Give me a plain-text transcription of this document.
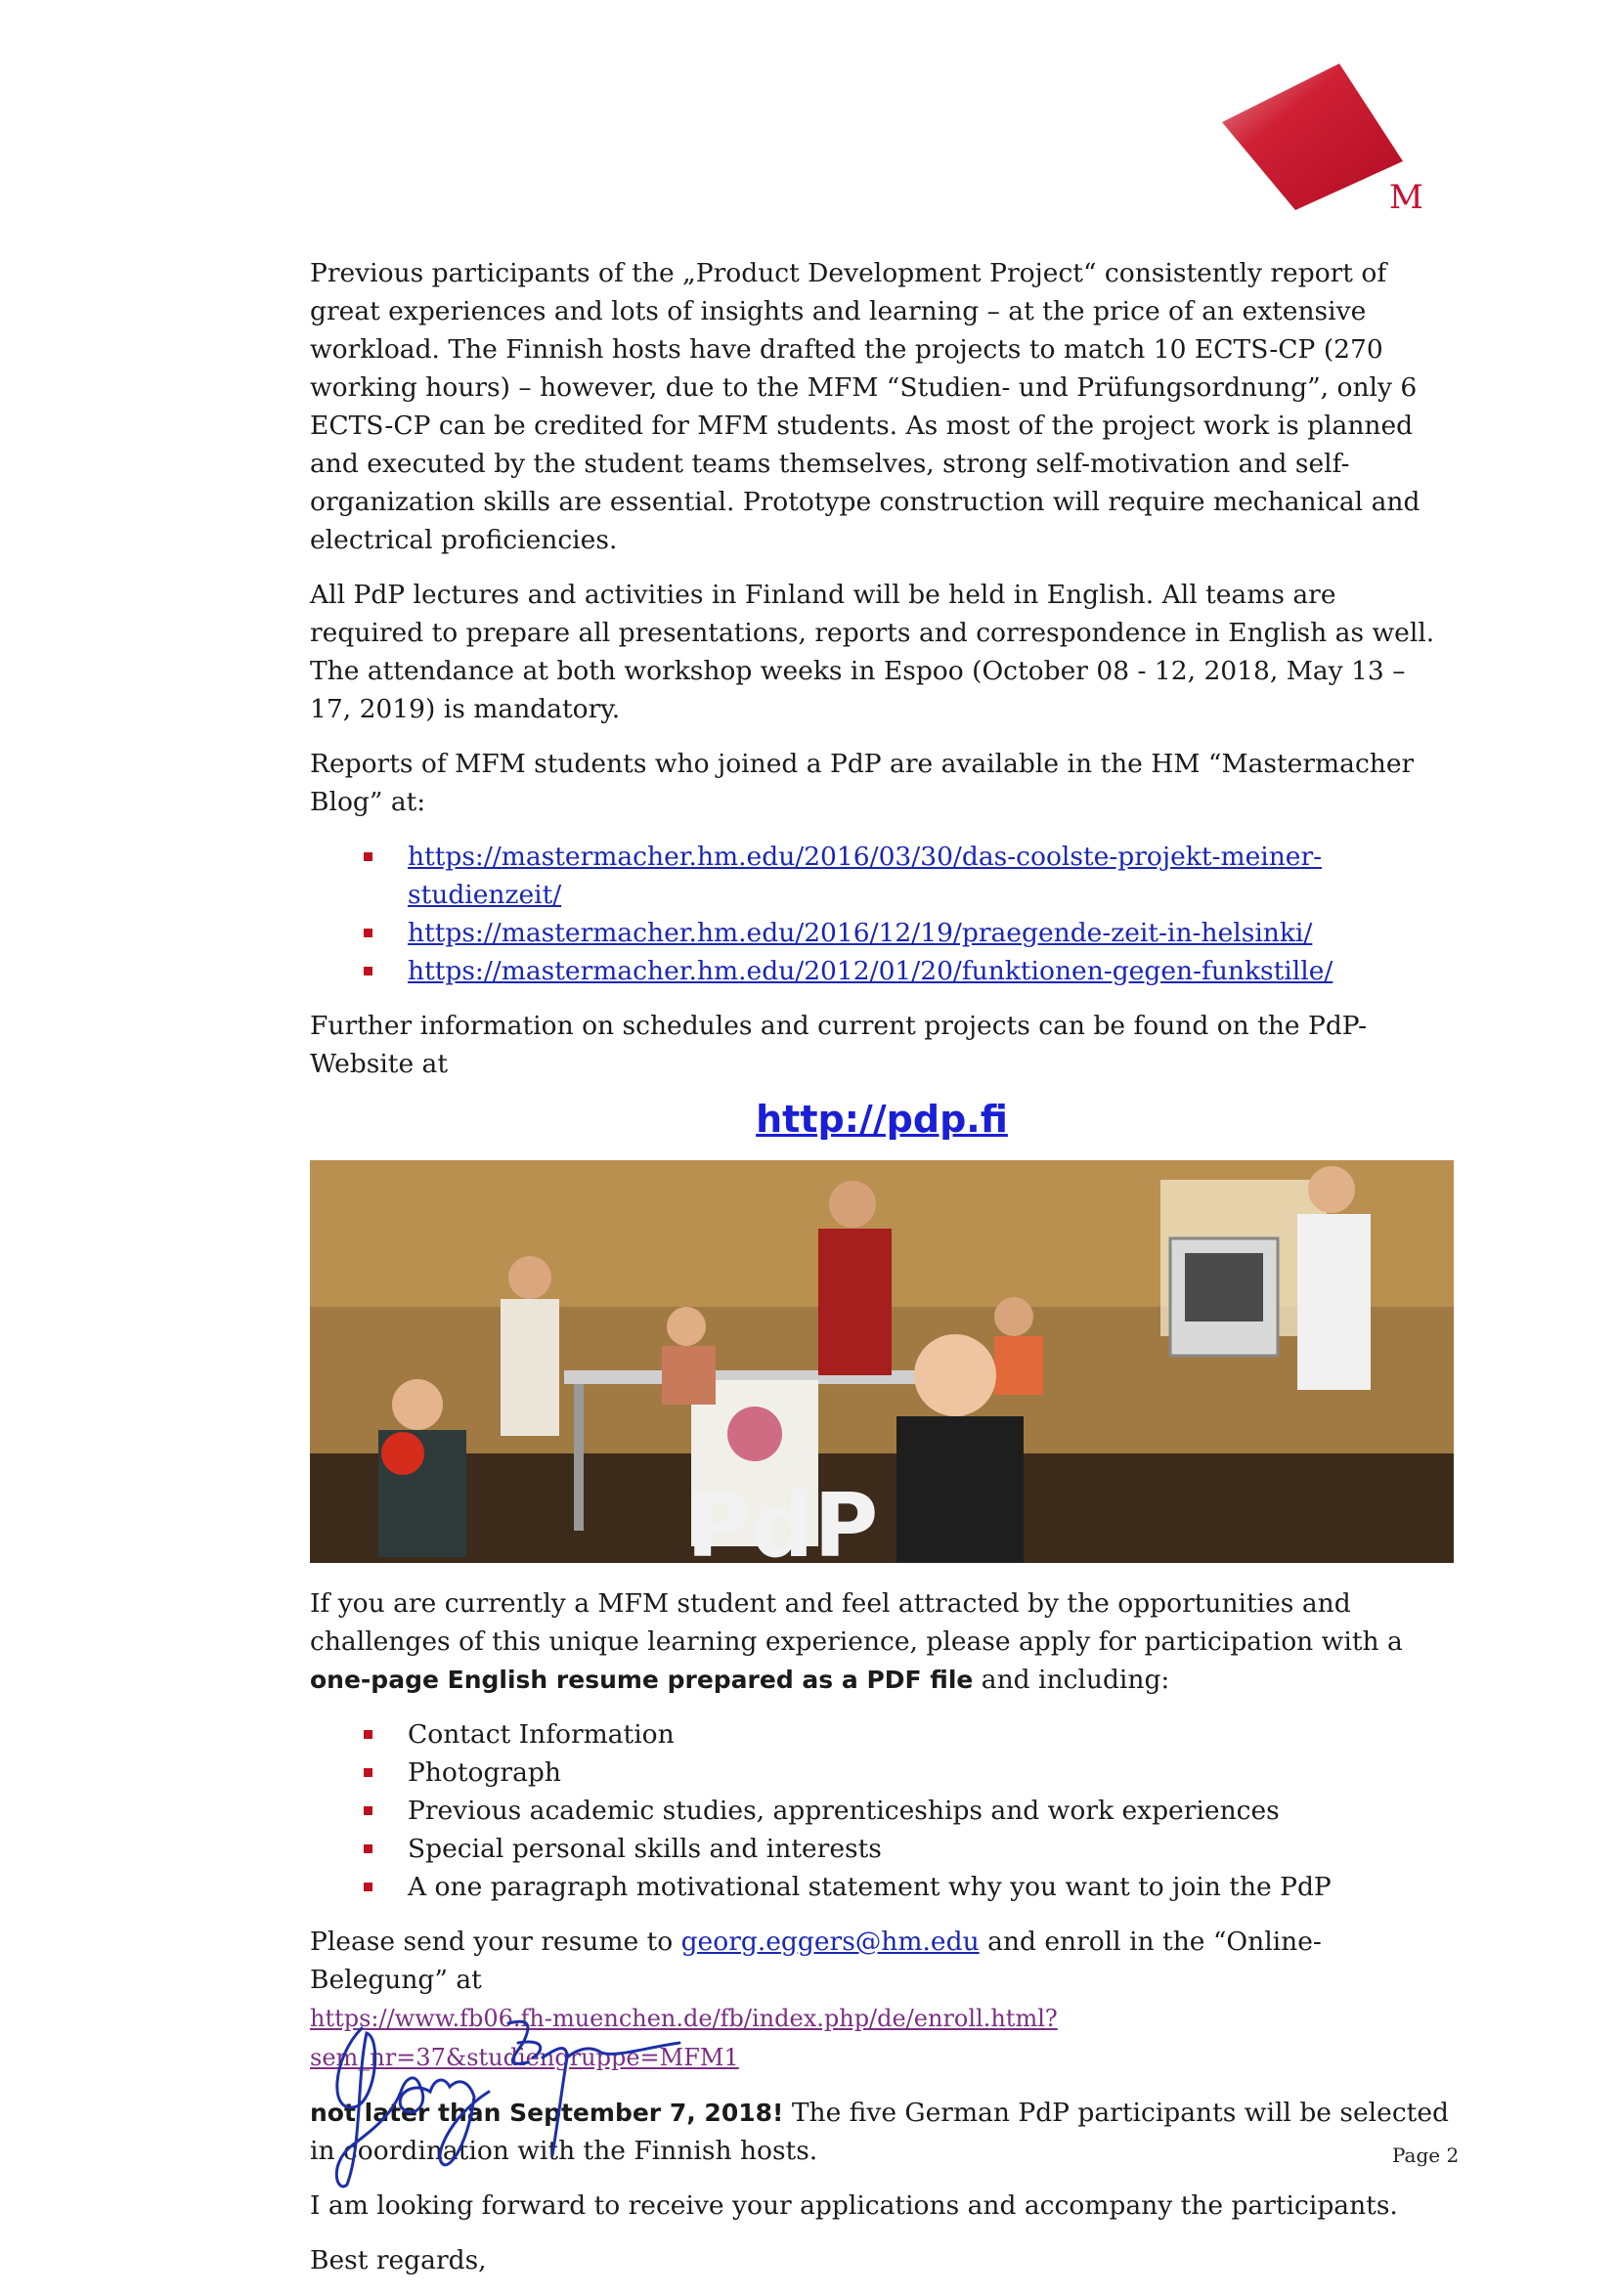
M

Previous participants of the „Product Development Project“ consistently report of great experiences and lots of insights and learning – at the price of an extensive workload. The Finnish hosts have drafted the projects to match 10 ECTS-CP (270 working hours) – however, due to the MFM “Studien- und Prüfungsordnung”, only 6 ECTS-CP can be credited for MFM students. As most of the project work is planned and executed by the student teams themselves, strong self-motivation and self-organization skills are essential. Prototype construction will require mechanical and electrical proficiencies.

All PdP lectures and activities in Finland will be held in English. All teams are required to prepare all presentations, reports and correspondence in English as well. The attendance at both workshop weeks in Espoo (October 08 - 12, 2018, May 13 – 17, 2019) is mandatory.

Reports of MFM students who joined a PdP are available in the HM “Mastermacher Blog” at:

https://mastermacher.hm.edu/2016/03/30/das-coolste-projekt-meiner-studienzeit/
https://mastermacher.hm.edu/2016/12/19/praegende-zeit-in-helsinki/
https://mastermacher.hm.edu/2012/01/20/funktionen-gegen-funkstille/

Further information on schedules and current projects can be found on the PdP-Website at

http://pdp.fi
PdP

If you are currently a MFM student and feel attracted by the opportunities and challenges of this unique learning experience, please apply for participation with a one-page English resume prepared as a PDF file and including:

Contact Information
Photograph
Previous academic studies, apprenticeships and work experiences
Special personal skills and interests
A one paragraph motivational statement why you want to join the PdP

Please send your resume to georg.eggers@hm.edu and enroll in the “Online-Belegung” at
https://www.fb06.fh-muenchen.de/fb/index.php/de/enroll.html?sem_nr=37&studiengruppe=MFM1

not later than September 7, 2018! The five German PdP participants will be selected in coordination with the Finnish hosts.

I am looking forward to receive your applications and accompany the participants.

Best regards,

Page 2
